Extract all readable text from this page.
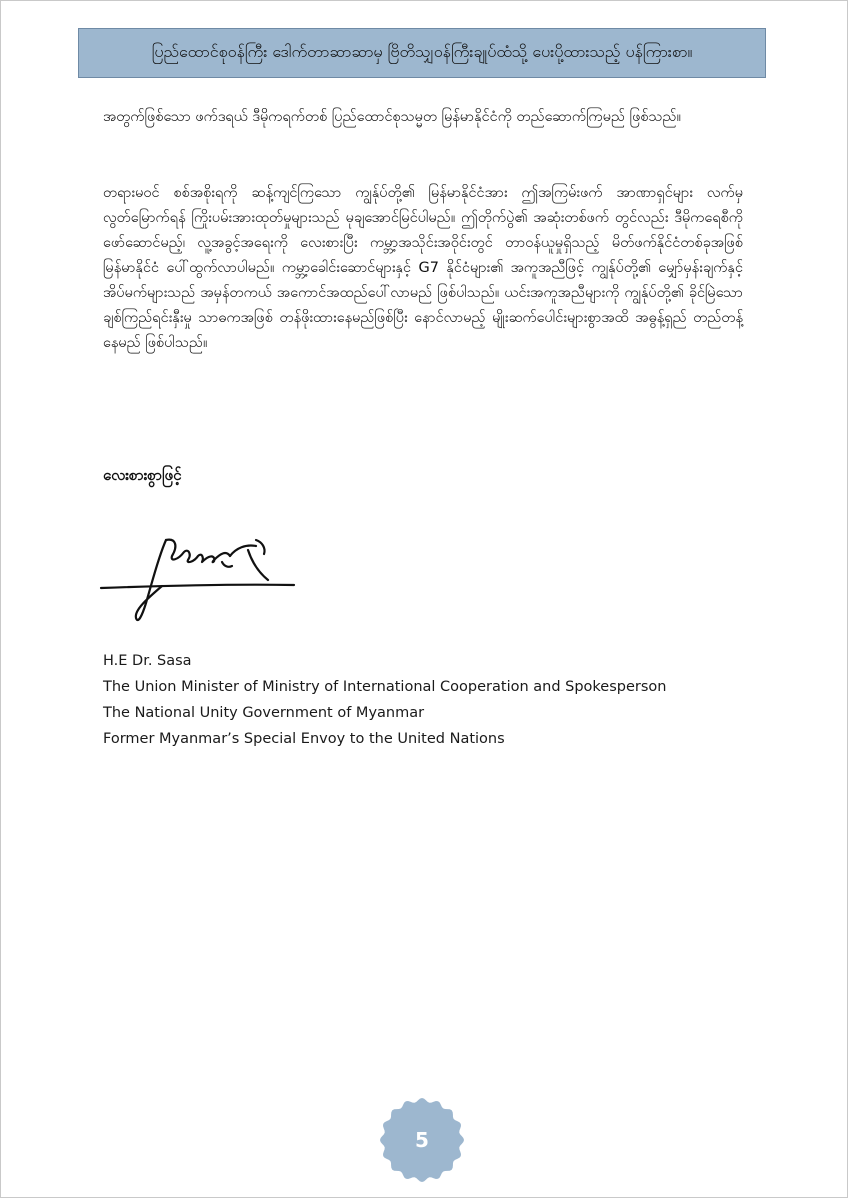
ပြည်ထောင်စုဝန်ကြီး ဒေါက်တာဆာဆာမှ ဗြိတိသျှဝန်ကြီးချုပ်ထံသို့ ပေးပို့ထားသည့် ပန်ကြားစာ။

အတွက်ဖြစ်သော ဖက်ဒရယ် ဒီမိုကရက်တစ် ပြည်ထောင်စုသမ္မတ မြန်မာနိုင်ငံကို တည်ဆောက်ကြမည် ဖြစ်သည်။

တရားမဝင် စစ်အစိုးရကို ဆန့်ကျင်ကြသော ကျွန်ုပ်တို့၏ မြန်မာနိုင်ငံအား ဤအကြမ်းဖက် အာဏာရှင်များ လက်မှ လွတ်မြောက်ရန် ကြိုးပမ်းအားထုတ်မှုများသည် မုချအောင်မြင်ပါမည်။ ဤတိုက်ပွဲ၏ အဆုံးတစ်ဖက် တွင်လည်း ဒီမိုကရေစီကို ဖော်ဆောင်မည့်၊ လူ့အခွင့်အရေးကို လေးစားပြီး ကမ္ဘာ့အသိုင်းအဝိုင်းတွင် တာဝန်ယူမှုရှိသည့် မိတ်ဖက်နိုင်ငံတစ်ခုအဖြစ် မြန်မာနိုင်ငံ ပေါ်ထွက်လာပါမည်။ ကမ္ဘာ့ခေါင်းဆောင်များနှင့် G7 နိုင်ငံများ၏ အကူအညီဖြင့် ကျွန်ုပ်တို့၏ မျှော်မှန်းချက်နှင့် အိပ်မက်များသည် အမှန်တကယ် အကောင်အထည်ပေါ်လာမည် ဖြစ်ပါသည်။ ယင်းအကူအညီများကို ကျွန်ုပ်တို့၏ ခိုင်မြဲသော ချစ်ကြည်ရင်းနှီးမှု သာဓကအဖြစ် တန်ဖိုးထားနေမည်ဖြစ်ပြီး နောင်လာမည့် မျိုးဆက်ပေါင်းများစွာအထိ အဓွန့်ရှည် တည်တန့် နေမည် ဖြစ်ပါသည်။

လေးစားစွာဖြင့်
H.E Dr. Sasa
The Union Minister of Ministry of International Cooperation and Spokesperson
The National Unity Government of Myanmar
Former Myanmar’s Special Envoy to the United Nations
5
